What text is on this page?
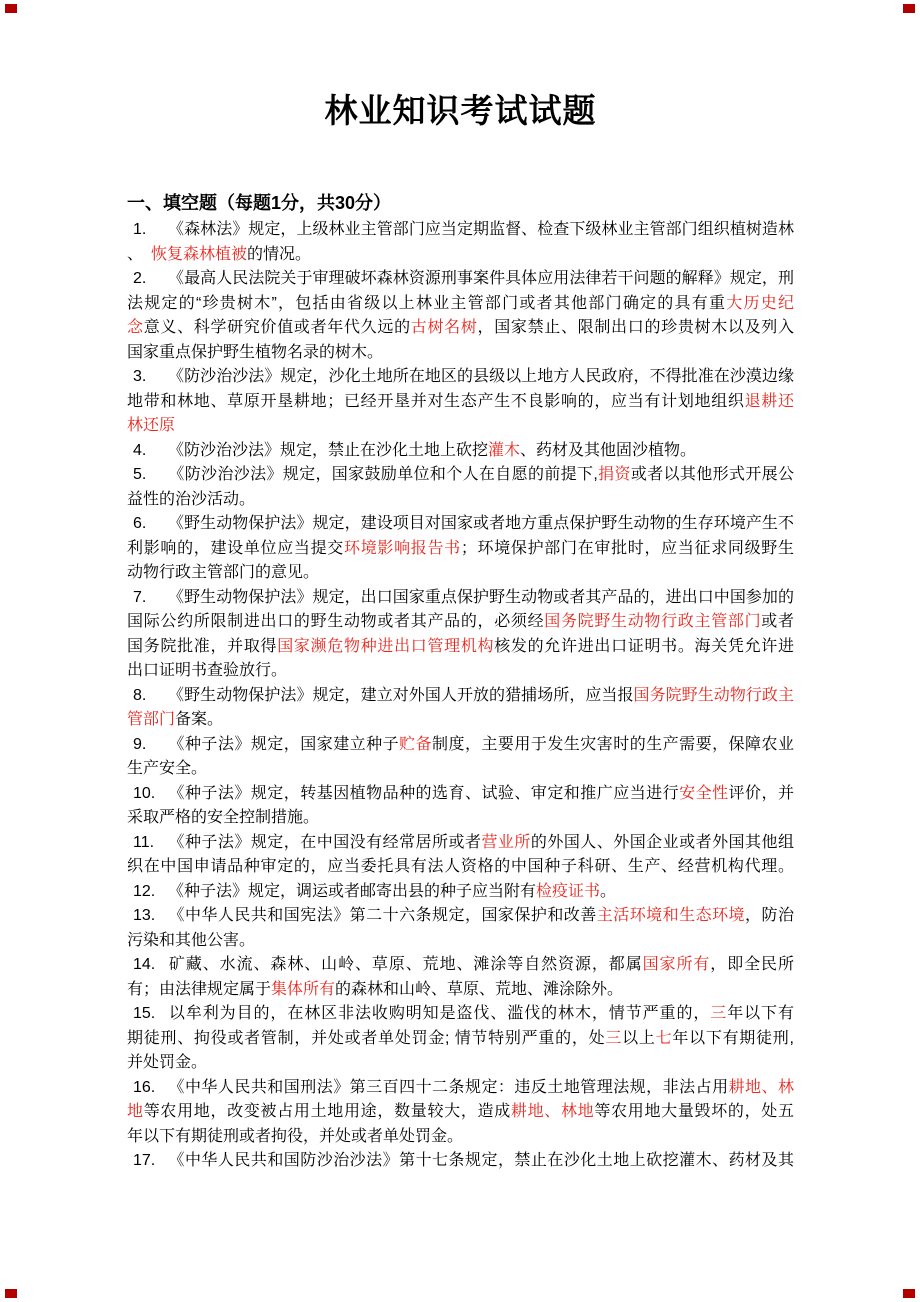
林业知识考试试题
一、填空题（每题1分，共30分）
1. 《森林法》规定，上级林业主管部门应当定期监督、检查下级林业主管部门组织植树造林
、　恢复森林植被的情况。
2. 《最高人民法院关于审理破坏森林资源刑事案件具体应用法律若干问题的解释》规定，刑
法规定的“珍贵树木”，包括由省级以上林业主管部门或者其他部门确定的具有重大历史纪
念意义、科学研究价值或者年代久远的古树名树，国家禁止、限制出口的珍贵树木以及列入
国家重点保护野生植物名录的树木。
3. 《防沙治沙法》规定，沙化土地所在地区的县级以上地方人民政府，不得批准在沙漠边缘
地带和林地、草原开垦耕地；已经开垦并对生态产生不良影响的，应当有计划地组织退耕还
林还原
4. 《防沙治沙法》规定，禁止在沙化土地上砍挖灌木、药材及其他固沙植物。
5. 《防沙治沙法》规定，国家鼓励单位和个人在自愿的前提下,捐资或者以其他形式开展公
益性的治沙活动。
6. 《野生动物保护法》规定，建设项目对国家或者地方重点保护野生动物的生存环境产生不
利影响的，建设单位应当提交环境影响报告书；环境保护部门在审批时，应当征求同级野生
动物行政主管部门的意见。
7. 《野生动物保护法》规定，出口国家重点保护野生动物或者其产品的，进出口中国参加的
国际公约所限制进出口的野生动物或者其产品的，必须经国务院野生动物行政主管部门或者
国务院批准，并取得国家濒危物种进出口管理机构核发的允许进出口证明书。海关凭允许进
出口证明书查验放行。
8. 《野生动物保护法》规定，建立对外国人开放的猎捕场所，应当报国务院野生动物行政主
管部门备案。
9. 《种子法》规定，国家建立种子贮备制度，主要用于发生灾害时的生产需要，保障农业
生产安全。
10. 《种子法》规定，转基因植物品种的选育、试验、审定和推广应当进行安全性评价，并
采取严格的安全控制措施。
11. 《种子法》规定，在中国没有经常居所或者营业所的外国人、外国企业或者外国其他组
织在中国申请品种审定的，应当委托具有法人资格的中国种子科研、生产、经营机构代理。
12. 《种子法》规定，调运或者邮寄出县的种子应当附有检疫证书。
13. 《中华人民共和国宪法》第二十六条规定，国家保护和改善主活环境和生态环境，防治
污染和其他公害。
14. 矿藏、水流、森林、山岭、草原、荒地、滩涂等自然资源，都属国家所有，即全民所
有；由法律规定属于集体所有的森林和山岭、草原、荒地、滩涂除外。
15. 以牟利为目的，在林区非法收购明知是盗伐、滥伐的林木，情节严重的，三年以下有
期徒刑、拘役或者管制，并处或者单处罚金; 情节特别严重的，处三以上七年以下有期徒刑,
并处罚金。
16. 《中华人民共和国刑法》第三百四十二条规定：违反土地管理法规，非法占用耕地、林
地等农用地，改变被占用土地用途，数量较大，造成耕地、林地等农用地大量毁坏的，处五
年以下有期徒刑或者拘役，并处或者单处罚金。
17. 《中华人民共和国防沙治沙法》第十七条规定，禁止在沙化土地上砍挖灌木、药材及其
